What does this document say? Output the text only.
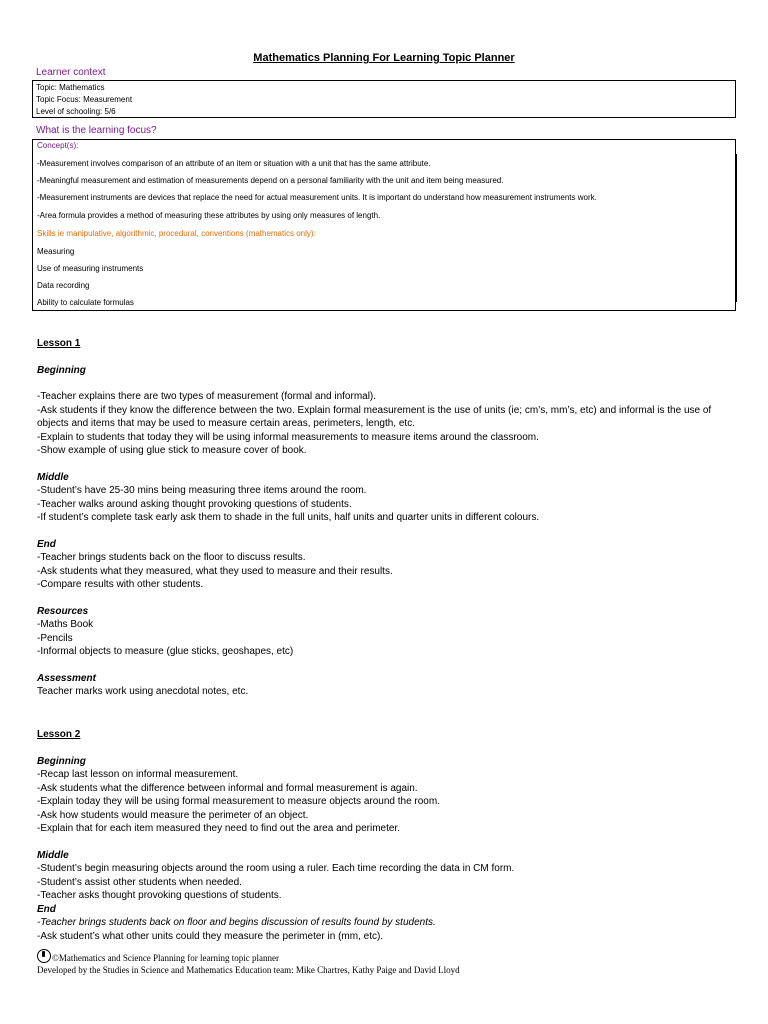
Mathematics Planning For Learning Topic Planner
Learner context
Topic: Mathematics
Topic Focus: Measurement
Level of schooling: 5/6
What is the learning focus?
Concept(s):
-Measurement involves comparison of an attribute of an item or situation with a unit that has the same attribute.
-Meaningful measurement and estimation of measurements depend on a personal familiarity with the unit and item being measured.
-Measurement instruments are devices that replace the need for actual measurement units. It is important do understand how measurement instruments work.
-Area formula provides a method of measuring these attributes by using only measures of length.
Skills ie manipulative, algorithmic, procedural, conventions (mathematics only):
Measuring
Use of measuring instruments
Data recording
Ability to calculate formulas
Lesson 1
Beginning
-Teacher explains there are two types of measurement (formal and informal).
-Ask students if they know the difference between the two. Explain formal measurement is the use of units (ie; cm’s, mm’s, etc) and informal is the use of objects and items that may be used to measure certain areas, perimeters, length, etc.
-Explain to students that today they will be using informal measurements to measure items around the classroom.
-Show example of using glue stick to measure cover of book.
Middle
-Student’s have 25-30 mins being measuring three items around the room.
-Teacher walks around asking thought provoking questions of students.
-If student’s complete task early ask them to shade in the full units, half units and quarter units in different colours.
End
-Teacher brings students back on the floor to discuss results.
-Ask students what they measured, what they used to measure and their results.
-Compare results with other students.
Resources
-Maths Book
-Pencils
-Informal objects to measure (glue sticks, geoshapes, etc)
Assessment
Teacher marks work using anecdotal notes, etc.
Lesson 2
Beginning
-Recap last lesson on informal measurement.
-Ask students what the difference between informal and formal measurement is again.
-Explain today they will be using formal measurement to measure objects around the room.
-Ask how students would measure the perimeter of an object.
-Explain that for each item measured they need to find out the area and perimeter.
Middle
-Student’s begin measuring objects around the room using a ruler. Each time recording the data in CM form.
-Student’s assist other students when needed.
-Teacher asks thought provoking questions of students.
End
-Teacher brings students back on floor and begins discussion of results found by students.
-Ask student’s what other units could they measure the perimeter in (mm, etc).
©Mathematics and Science Planning for learning topic planner
Developed by the Studies in Science and Mathematics Education team: Mike Chartres, Kathy Paige and David Lloyd
